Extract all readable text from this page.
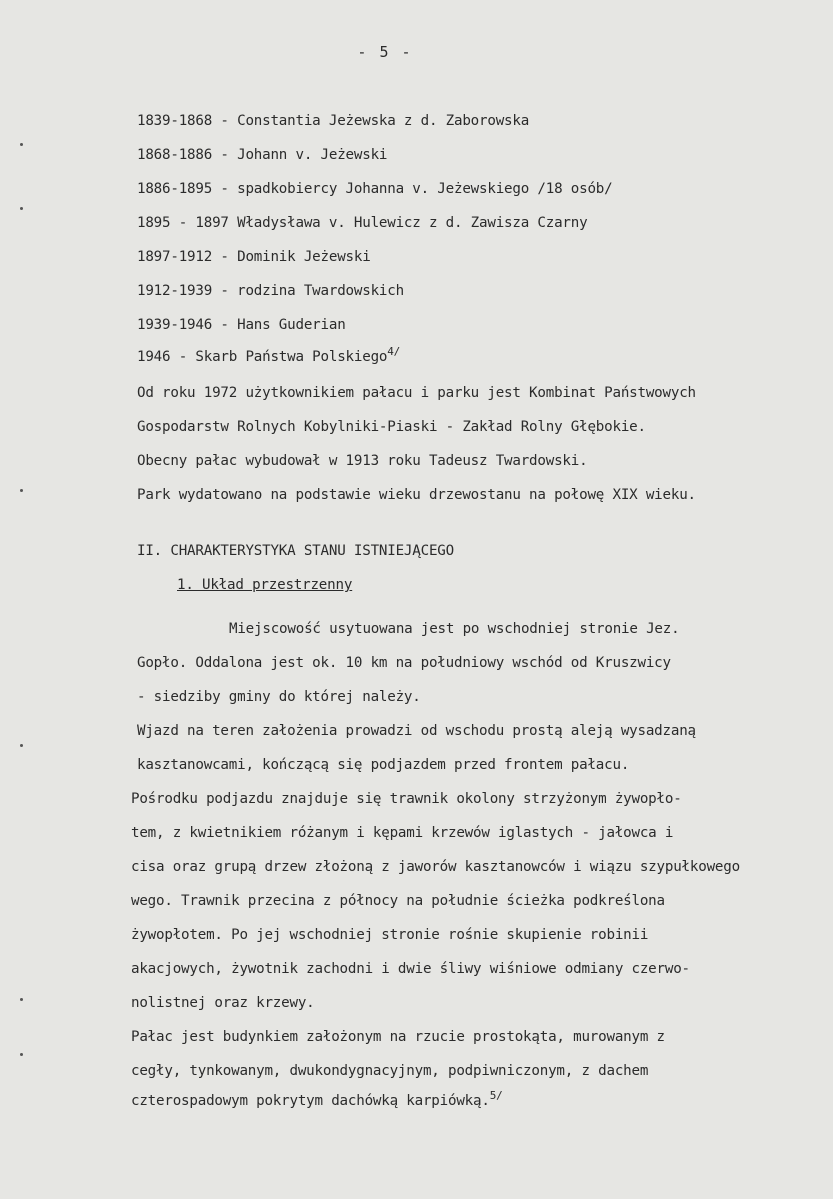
- 5 -
1839-1868 - Constantia Jeżewska z d. Zaborowska
1868-1886 - Johann v. Jeżewski
1886-1895 - spadkobiercy Johanna v. Jeżewskiego /18 osób/
1895 - 1897 Władysława v. Hulewicz z d. Zawisza Czarny
1897-1912 - Dominik Jeżewski
1912-1939 - rodzina Twardowskich
1939-1946 - Hans Guderian
1946 - Skarb Państwa Polskiego$^{4/}$
Od roku 1972 użytkownikiem pałacu i parku jest Kombinat Państwowych
Gospodarstw Rolnych Kobylniki-Piaski - Zakład Rolny Głębokie.
Obecny pałac wybudował w 1913 roku Tadeusz Twardowski.
Park wydatowano na podstawie wieku drzewostanu na połowę XIX wieku.
II. CHARAKTERYSTYKA STANU ISTNIEJĄCEGO
1. Układ przestrzenny
Miejscowość usytuowana jest po wschodniej stronie Jez.
Gopło. Oddalona jest ok. 10 km na południowy wschód od Kruszwicy
- siedziby gminy do której należy.
Wjazd na teren założenia prowadzi od wschodu prostą aleją wysadzaną
kasztanowcami, kończącą się podjazdem przed frontem pałacu.
Pośrodku podjazdu znajduje się trawnik okolony strzyżonym żywopło-
tem, z kwietnikiem różanym i kępami krzewów iglastych - jałowca i
cisa oraz grupą drzew złożoną z jaworów kasztanowców i wiązu szypułkowego
wego. Trawnik przecina z północy na południe ścieżka podkreślona
żywopłotem. Po jej wschodniej stronie rośnie skupienie robinii
akacjowych, żywotnik zachodni i dwie śliwy wiśniowe odmiany czerwo-
nolistnej oraz krzewy.
Pałac jest budynkiem założonym na rzucie prostokąta, murowanym z
cegły, tynkowanym, dwukondygnacyjnym, podpiwniczonym, z dachem
czterospadowym pokrytym dachówką karpiówką.$^{5/}$
